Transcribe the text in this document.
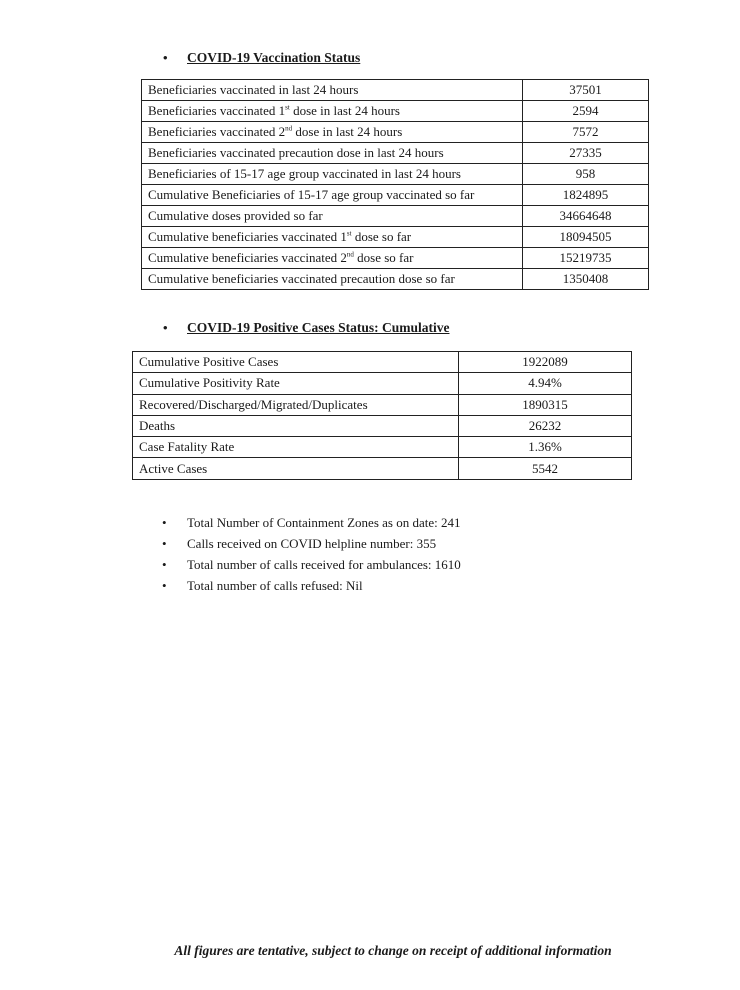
• COVID-19 Vaccination Status
Beneficiaries vaccinated in last 24 hours	37501
Beneficiaries vaccinated 1st dose in last 24 hours	2594
Beneficiaries vaccinated 2nd dose in last 24 hours	7572
Beneficiaries vaccinated precaution dose in last 24 hours	27335
Beneficiaries of 15-17 age group vaccinated in last 24 hours	958
Cumulative Beneficiaries of 15-17 age group vaccinated so far	1824895
Cumulative doses provided so far	34664648
Cumulative beneficiaries vaccinated 1st dose so far	18094505
Cumulative beneficiaries vaccinated 2nd dose so far	15219735
Cumulative beneficiaries vaccinated precaution dose so far	1350408
• COVID-19 Positive Cases Status: Cumulative
Cumulative Positive Cases	1922089
Cumulative Positivity Rate	4.94%
Recovered/Discharged/Migrated/Duplicates	1890315
Deaths	26232
Case Fatality Rate	1.36%
Active Cases	5542
• Total Number of Containment Zones as on date: 241
• Calls received on COVID helpline number: 355
• Total number of calls received for ambulances: 1610
• Total number of calls refused: Nil
All figures are tentative, subject to change on receipt of additional information
